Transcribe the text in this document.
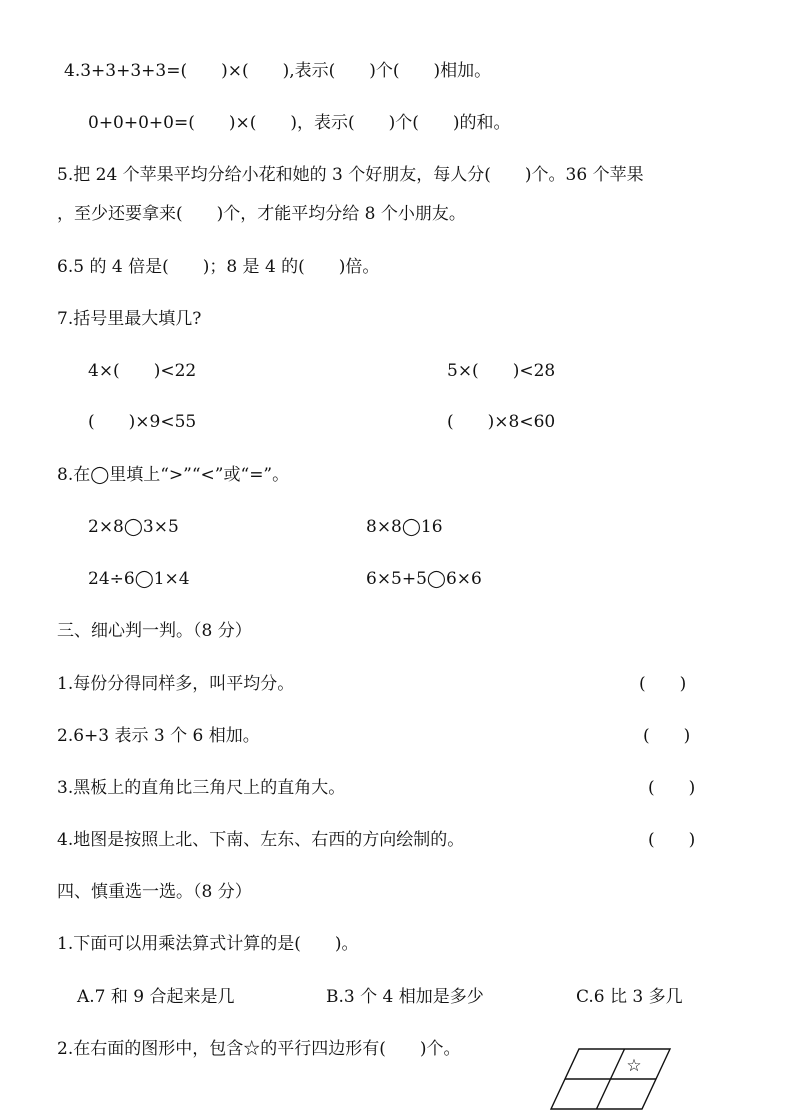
4.3+3+3+3=(　　)×(　　),表示(　　)个(　　)相加。
0+0+0+0=(　　)×(　　)，表示(　　)个(　　)的和。
5.把 24 个苹果平均分给小花和她的 3 个好朋友，每人分(　　)个。36 个苹果
，至少还要拿来(　　)个，才能平均分给 8 个小朋友。
6.5 的 4 倍是(　　)；8 是 4 的(　　)倍。
7.括号里最大填几?
4×(　　)<22	5×(　　)<28
(　　)×9<55	(　　)×8<60
8.在◯里填上“>”“<”或“=”。
2×8◯3×5	8×8◯16
24÷6◯1×4	6×5+5◯6×6
三、细心判一判。（8 分）
1.每份分得同样多，叫平均分。	(　　)
2.6+3 表示 3 个 6 相加。	(　　)
3.黑板上的直角比三角尺上的直角大。	(　　)
4.地图是按照上北、下南、左东、右西的方向绘制的。	(　　)
四、慎重选一选。（8 分）
1.下面可以用乘法算式计算的是(　　)。
A.7 和 9 合起来是几	B.3 个 4 相加是多少	C.6 比 3 多几
2.在右面的图形中，包含☆的平行四边形有(　　)个。
☆
